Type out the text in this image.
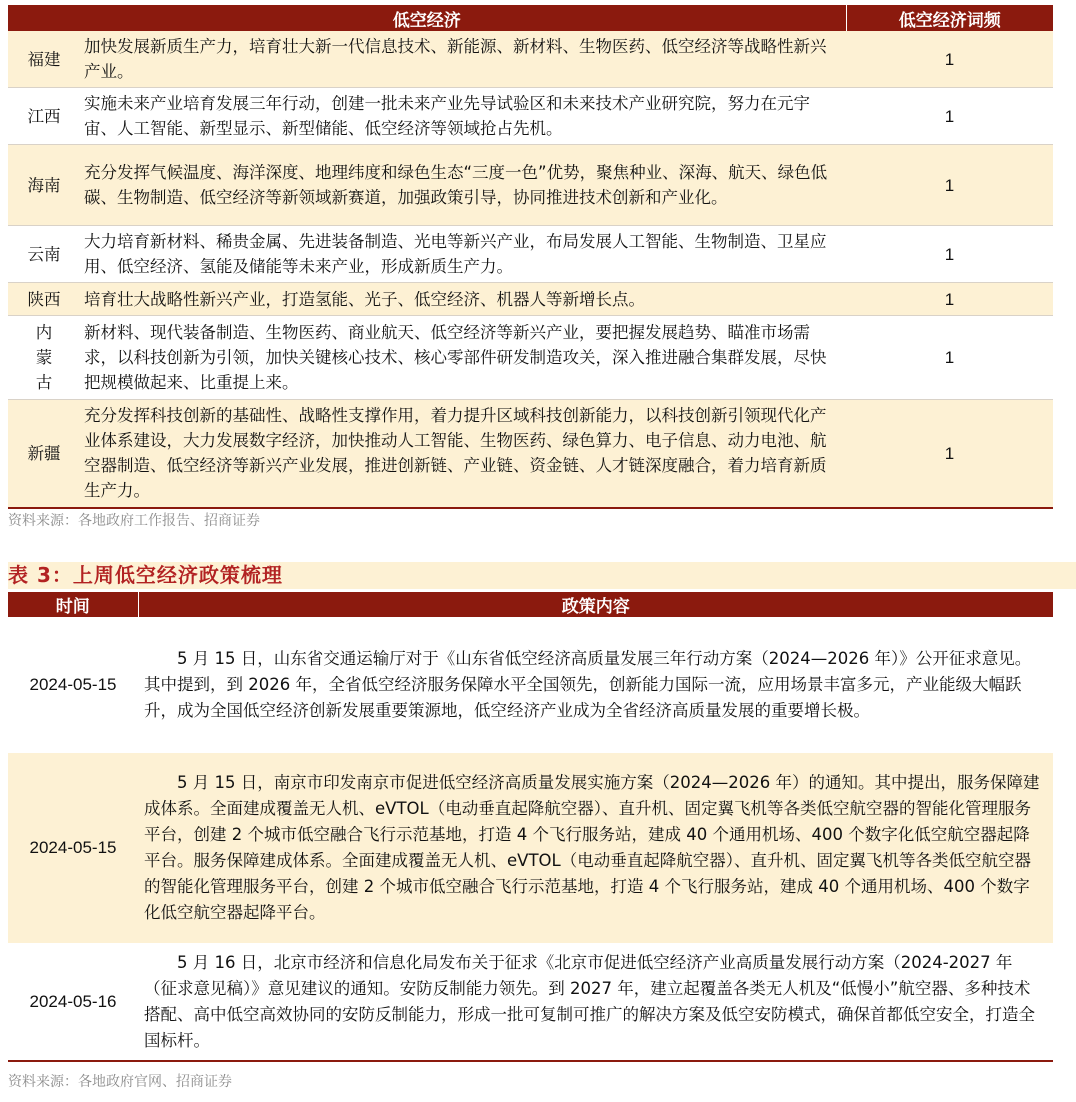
低空经济		低空经济词频
福建	加快发展新质生产力，培育壮大新一代信息技术、新能源、新材料、生物医药、低空经济等战略性新兴产业。	1
江西	实施未来产业培育发展三年行动，创建一批未来产业先导试验区和未来技术产业研究院，努力在元宇宙、人工智能、新型显示、新型储能、低空经济等领域抢占先机。	1
海南	充分发挥气候温度、海洋深度、地理纬度和绿色生态“三度一色”优势，聚焦种业、深海、航天、绿色低碳、生物制造、低空经济等新领域新赛道，加强政策引导，协同推进技术创新和产业化。	1
云南	大力培育新材料、稀贵金属、先进装备制造、光电等新兴产业，布局发展人工智能、生物制造、卫星应用、低空经济、氢能及储能等未来产业，形成新质生产力。	1
陕西	培育壮大战略性新兴产业，打造氢能、光子、低空经济、机器人等新增长点。	1
内蒙古	新材料、现代装备制造、生物医药、商业航天、低空经济等新兴产业，要把握发展趋势、瞄准市场需求，以科技创新为引领，加快关键核心技术、核心零部件研发制造攻关，深入推进融合集群发展，尽快把规模做起来、比重提上来。	1
新疆	充分发挥科技创新的基础性、战略性支撑作用，着力提升区域科技创新能力，以科技创新引领现代化产业体系建设，大力发展数字经济，加快推动人工智能、生物医药、绿色算力、电子信息、动力电池、航空器制造、低空经济等新兴产业发展，推进创新链、产业链、资金链、人才链深度融合，着力培育新质生产力。	1
资料来源：各地政府工作报告、招商证券
表 3：上周低空经济政策梳理
时间	政策内容
2024-05-15	5 月 15 日，山东省交通运输厅对于《山东省低空经济高质量发展三年行动方案（2024—2026 年）》公开征求意见。其中提到，到 2026 年，全省低空经济服务保障水平全国领先，创新能力国际一流，应用场景丰富多元，产业能级大幅跃升，成为全国低空经济创新发展重要策源地，低空经济产业成为全省经济高质量发展的重要增长极。
2024-05-15	5 月 15 日，南京市印发南京市促进低空经济高质量发展实施方案（2024—2026 年）的通知。其中提出，服务保障建成体系。全面建成覆盖无人机、eVTOL（电动垂直起降航空器）、直升机、固定翼飞机等各类低空航空器的智能化管理服务平台，创建 2 个城市低空融合飞行示范基地，打造 4 个飞行服务站，建成 40 个通用机场、400 个数字化低空航空器起降平台。服务保障建成体系。全面建成覆盖无人机、eVTOL（电动垂直起降航空器）、直升机、固定翼飞机等各类低空航空器的智能化管理服务平台，创建 2 个城市低空融合飞行示范基地，打造 4 个飞行服务站，建成 40 个通用机场、400 个数字化低空航空器起降平台。
2024-05-16	5 月 16 日，北京市经济和信息化局发布关于征求《北京市促进低空经济产业高质量发展行动方案（2024-2027 年（征求意见稿）》意见建议的通知。安防反制能力领先。到 2027 年，建立起覆盖各类无人机及“低慢小”航空器、多种技术搭配、高中低空高效协同的安防反制能力，形成一批可复制可推广的解决方案及低空安防模式，确保首都低空安全，打造全国标杆。
资料来源：各地政府官网、招商证券
